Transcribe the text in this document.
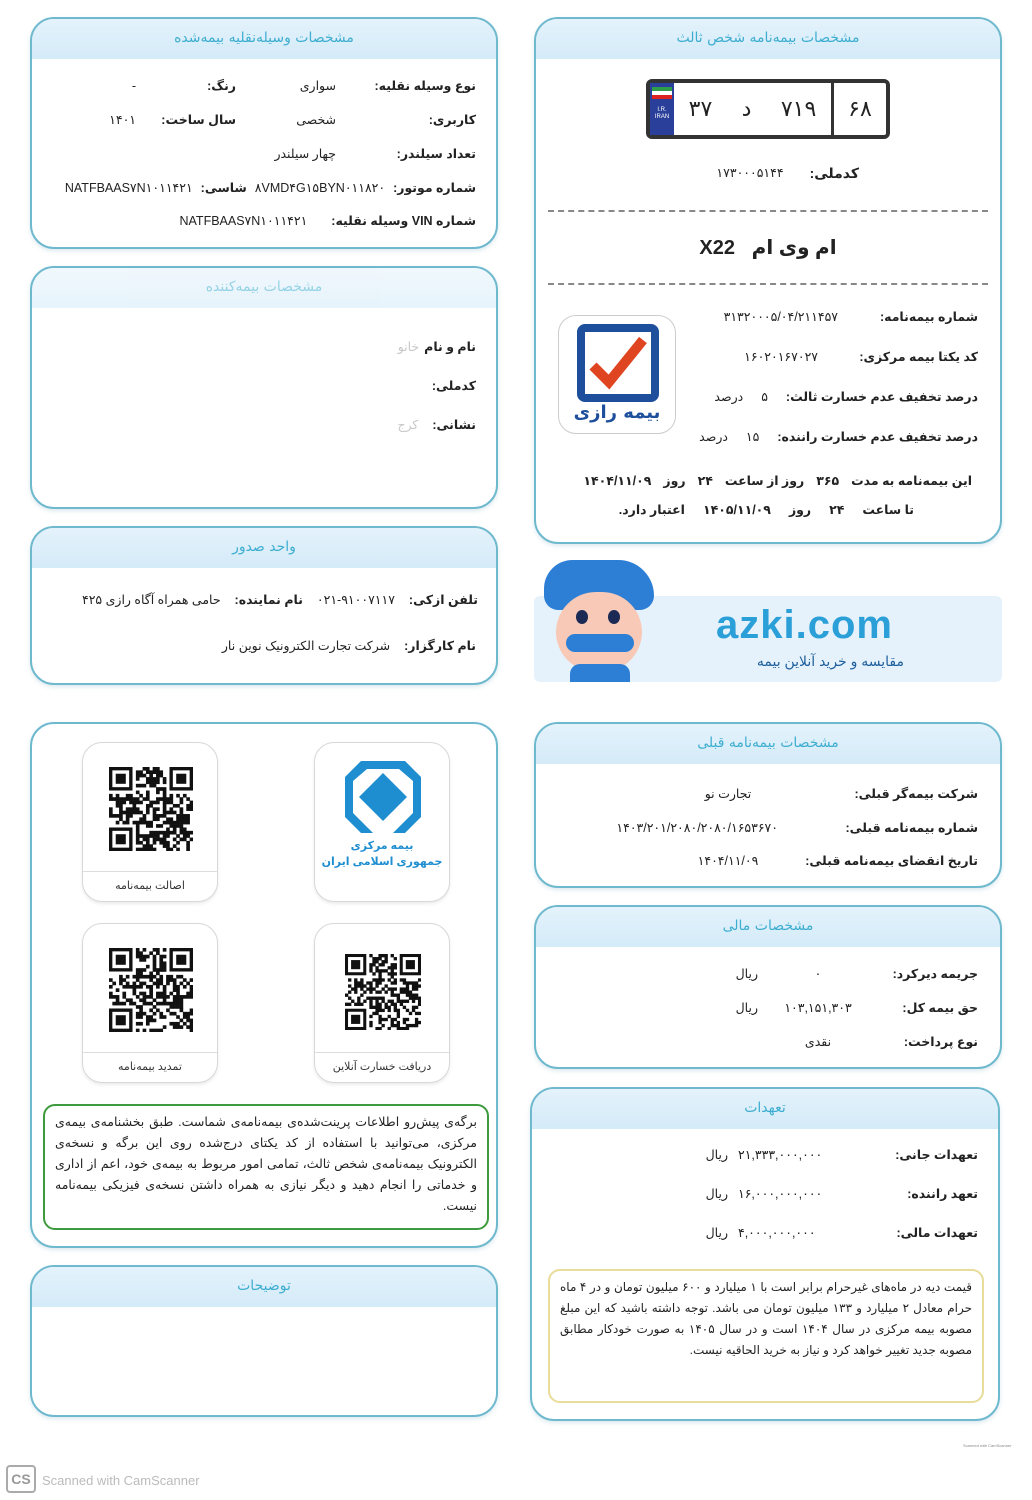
مشخصات وسیله‌نقلیه بیمه‌شده
نوع وسیله نقلیه:
سواری
رنگ:
-
کاربری:
شخصی
سال ساخت:
۱۴۰۱
تعداد سیلندر:
چهار سیلندر
شماره موتور:
۸VMD۴G۱۵BYN۰۱۱۸۲۰
شاسی:
NATFBAAS۷N۱۰۱۱۴۲۱
شماره VIN وسیله نقلیه:
NATFBAAS۷N۱۰۱۱۴۲۱
مشخصات بیمه‌نامه شخص ثالث
I.R. IRAN ۳۷ د ۷۱۹	۶۸
کدملی:
۱۷۳۰۰۰۵۱۴۴
ام وی ام   X22
بیمه رازی
شماره بیمه‌نامه:
۳۱۳۲۰۰۰۵/۰۴/۲۱۱۴۵۷
کد یکتا بیمه مرکزی:
۱۶۰۲۰۱۶۷۰۲۷
درصد تخفیف عدم خسارت ثالث:
۵
درصد
درصد تخفیف عدم خسارت راننده:
۱۵
درصد
این بیمه‌نامه به مدت
۳۶۵
روز از ساعت
۲۴
روز
۱۴۰۴/۱۱/۰۹
تا ساعت
۲۴
روز
۱۴۰۵/۱۱/۰۹
اعتبار دارد.
مشخصات بیمه‌کننده
نام و نام
خانو
کدملی:
نشانی:
کرج
واحد صدور
تلفن ازکی:
۰۲۱-۹۱۰۰۷۱۱۷
نام نماینده:
حامی همراه آگاه رازی ۴۲۵
نام کارگزار:
شرکت تجارت الکترونیک نوین نار	azki.com
مقایسه و خرید آنلاین بیمه
بیمه مرکزی
جمهوری اسلامی ایران
اصالت بیمه‌نامه
دریافت خسارت آنلاین
تمدید بیمه‌نامه
برگه‌ی پیش‌رو اطلاعات پرینت‌شده‌ی بیمه‌نامه‌ی شماست. طبق بخشنامه‌ی بیمه‌ی مرکزی، می‌توانید با استفاده از کد یکتای درج‌شده روی این برگه و نسخه‌ی الکترونیک بیمه‌نامه‌ی شخص ثالث، تمامی امور مربوط به بیمه‌ی خود، اعم از اداری و خدماتی را انجام دهید و دیگر نیازی به همراه داشتن نسخه‌ی فیزیکی بیمه‌نامه نیست.
توضیحات
مشخصات بیمه‌نامه قبلی
شرکت بیمه‌گر قبلی:
تجارت نو
شماره بیمه‌نامه قبلی:
۱۴۰۳/۲۰۱/۲۰۸۰/۲۰۸۰/۱۶۵۳۶۷۰
تاریخ انقضای بیمه‌نامه قبلی:
۱۴۰۴/۱۱/۰۹
مشخصات مالی
جریمه دیرکرد:
۰
ریال
حق بیمه کل:
۱۰۳,۱۵۱,۳۰۳
ریال
نوع پرداخت:
نقدی
تعهدات
تعهدات جانی:
۲۱,۳۳۳,۰۰۰,۰۰۰
ریال
تعهد راننده:
۱۶,۰۰۰,۰۰۰,۰۰۰
ریال
تعهدات مالی:
۴,۰۰۰,۰۰۰,۰۰۰
ریال
قیمت دیه در ماه‌های غیرحرام برابر است با ۱ میلیارد و ۶۰۰ میلیون تومان و در ۴ ماه حرام معادل ۲ میلیارد و ۱۳۳ میلیون تومان می باشد. توجه داشته باشید که این مبلغ مصوبه بیمه مرکزی در سال ۱۴۰۴ است و در سال ۱۴۰۵ به صورت خودکار مطابق مصوبه جدید تغییر خواهد کرد و نیاز به خرید الحاقیه نیست.
CS Scanned with CamScanner
Scanned with CamScanner
